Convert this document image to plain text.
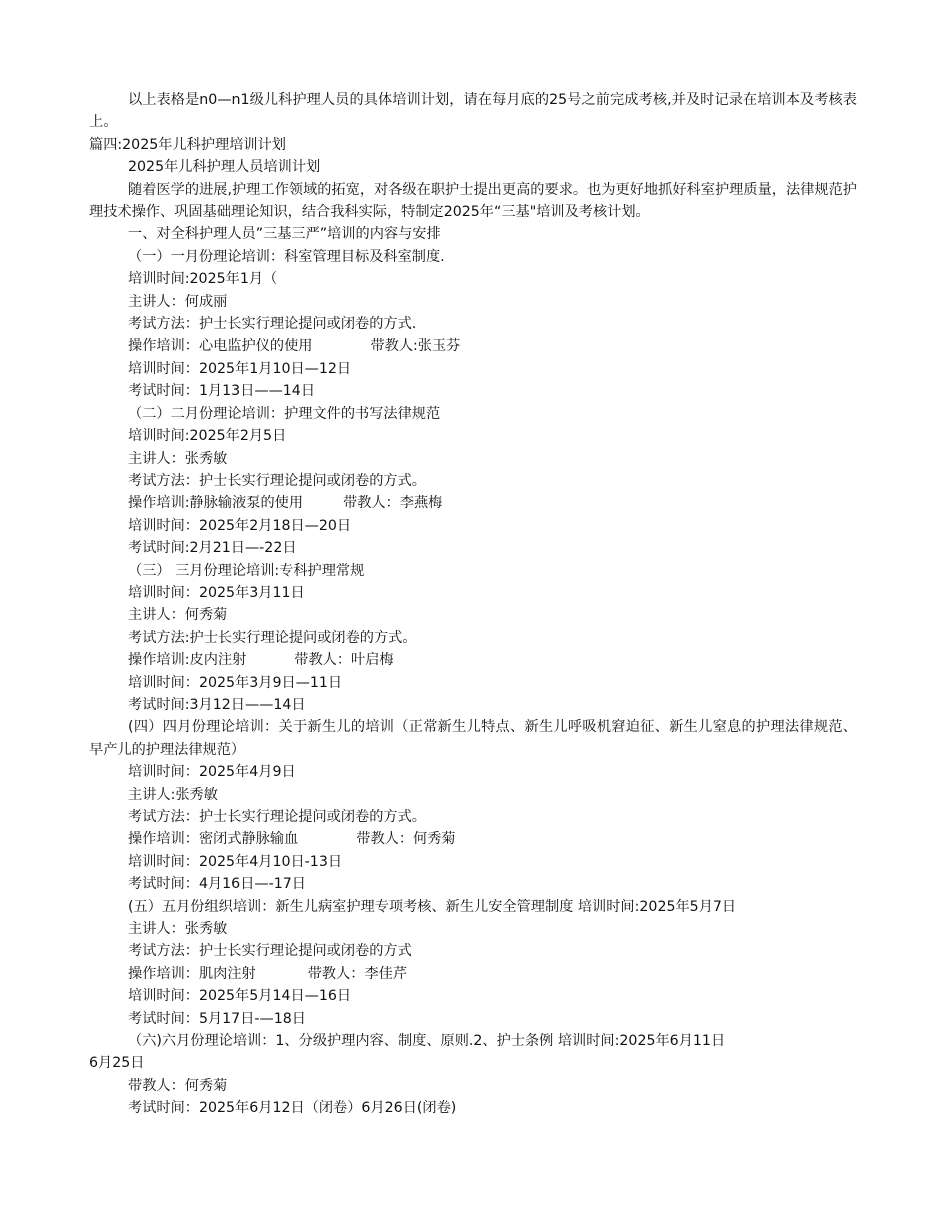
以上表格是n0—n1级儿科护理人员的具体培训计划，请在每月底的25号之前完成考核,并及时记录在培训本及考核表上。
篇四:2025年儿科护理培训计划
2025年儿科护理人员培训计划
随着医学的进展,护理工作领域的拓宽，对各级在职护士提出更高的要求。也为更好地抓好科室护理质量，法律规范护理技术操作、巩固基础理论知识，结合我科实际，特制定2025年“三基"培训及考核计划。
一、对全科护理人员”三基三严”培训的内容与安排
（一）一月份理论培训：科室管理目标及科室制度.
培训时间:2025年1月（
主讲人：何成丽
考试方法：护士长实行理论提问或闭卷的方式.
操作培训：心电监护仪的使用	带教人:张玉芬
培训时间：2025年1月10日—12日
考试时间：1月13日——14日
（二）二月份理论培训：护理文件的书写法律规范
培训时间:2025年2月5日
主讲人：张秀敏
考试方法：护士长实行理论提问或闭卷的方式。
操作培训:静脉输液泵的使用	带教人：李燕梅
培训时间：2025年2月18日—20日
考试时间:2月21日—-22日
（三） 三月份理论培训:专科护理常规
培训时间：2025年3月11日
主讲人：何秀菊
考试方法:护士长实行理论提问或闭卷的方式。
操作培训:皮内注射	带教人：叶启梅
培训时间：2025年3月9日—11日
考试时间:3月12日——14日
(四）四月份理论培训：关于新生儿的培训（正常新生儿特点、新生儿呼吸机窘迫征、新生儿窒息的护理法律规范、早产儿的护理法律规范）
培训时间：2025年4月9日
主讲人:张秀敏
考试方法：护士长实行理论提问或闭卷的方式。
操作培训：密闭式静脉输血	带教人：何秀菊
培训时间：2025年4月10日-13日
考试时间：4月16日—-17日
(五）五月份组织培训：新生儿病室护理专项考核、新生儿安全管理制度 培训时间:2025年5月7日
主讲人：张秀敏
考试方法：护士长实行理论提问或闭卷的方式
操作培训：肌肉注射	带教人：李佳芹
培训时间：2025年5月14日—16日
考试时间：5月17日-—18日
（六)六月份理论培训：1、分级护理内容、制度、原则.2、护士条例 培训时间:2025年6月11日
6月25日
带教人：何秀菊
考试时间：2025年6月12日（闭卷）6月26日(闭卷)
